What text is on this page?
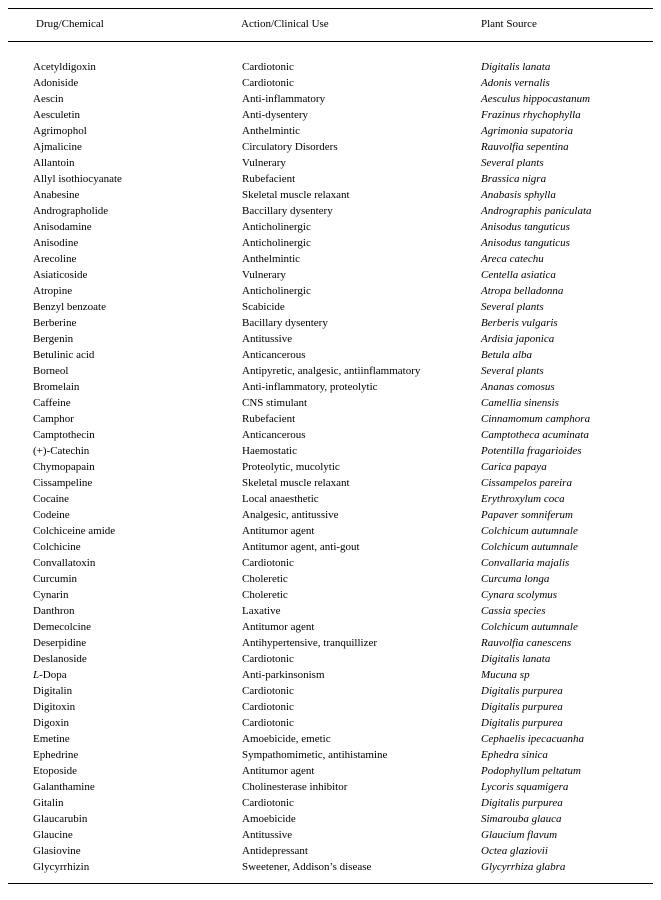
Drug/Chemical	Action/Clinical Use	Plant Source
Acetyldigoxin	Cardiotonic	Digitalis lanata
Adoniside	Cardiotonic	Adonis vernalis
Aescin	Anti-inflammatory	Aesculus hippocastanum
Aesculetin	Anti-dysentery	Frazinus rhychophylla
Agrimophol	Anthelmintic	Agrimonia supatoria
Ajmalicine	Circulatory Disorders	Rauvolfia sepentina
Allantoin	Vulnerary	Several plants
Allyl isothiocyanate	Rubefacient	Brassica nigra
Anabesine	Skeletal muscle relaxant	Anabasis sphylla
Andrographolide	Baccillary dysentery	Andrographis paniculata
Anisodamine	Anticholinergic	Anisodus tanguticus
Anisodine	Anticholinergic	Anisodus tanguticus
Arecoline	Anthelmintic	Areca catechu
Asiaticoside	Vulnerary	Centella asiatica
Atropine	Anticholinergic	Atropa belladonna
Benzyl benzoate	Scabicide	Several plants
Berberine	Bacillary dysentery	Berberis vulgaris
Bergenin	Antitussive	Ardisia japonica
Betulinic acid	Anticancerous	Betula alba
Borneol	Antipyretic, analgesic, antiinflammatory	Several plants
Bromelain	Anti-inflammatory, proteolytic	Ananas comosus
Caffeine	CNS stimulant	Camellia sinensis
Camphor	Rubefacient	Cinnamomum camphora
Camptothecin	Anticancerous	Camptotheca acuminata
(+)-Catechin	Haemostatic	Potentilla fragarioides
Chymopapain	Proteolytic, mucolytic	Carica papaya
Cissampeline	Skeletal muscle relaxant	Cissampelos pareira
Cocaine	Local anaesthetic	Erythroxylum coca
Codeine	Analgesic, antitussive	Papaver somniferum
Colchiceine amide	Antitumor agent	Colchicum autumnale
Colchicine	Antitumor agent, anti-gout	Colchicum autumnale
Convallatoxin	Cardiotonic	Convallaria majalis
Curcumin	Choleretic	Curcuma longa
Cynarin	Choleretic	Cynara scolymus
Danthron	Laxative	Cassia species
Demecolcine	Antitumor agent	Colchicum autumnale
Deserpidine	Antihypertensive, tranquillizer	Rauvolfia canescens
Deslanoside	Cardiotonic	Digitalis lanata
L-Dopa	Anti-parkinsonism	Mucuna sp
Digitalin	Cardiotonic	Digitalis purpurea
Digitoxin	Cardiotonic	Digitalis purpurea
Digoxin	Cardiotonic	Digitalis purpurea
Emetine	Amoebicide, emetic	Cephaelis ipecacuanha
Ephedrine	Sympathomimetic, antihistamine	Ephedra sinica
Etoposide	Antitumor agent	Podophyllum peltatum
Galanthamine	Cholinesterase inhibitor	Lycoris squamigera
Gitalin	Cardiotonic	Digitalis purpurea
Glaucarubin	Amoebicide	Simarouba glauca
Glaucine	Antitussive	Glaucium flavum
Glasiovine	Antidepressant	Octea glaziovii
Glycyrrhizin	Sweetener, Addison’s disease	Glycyrrhiza glabra
